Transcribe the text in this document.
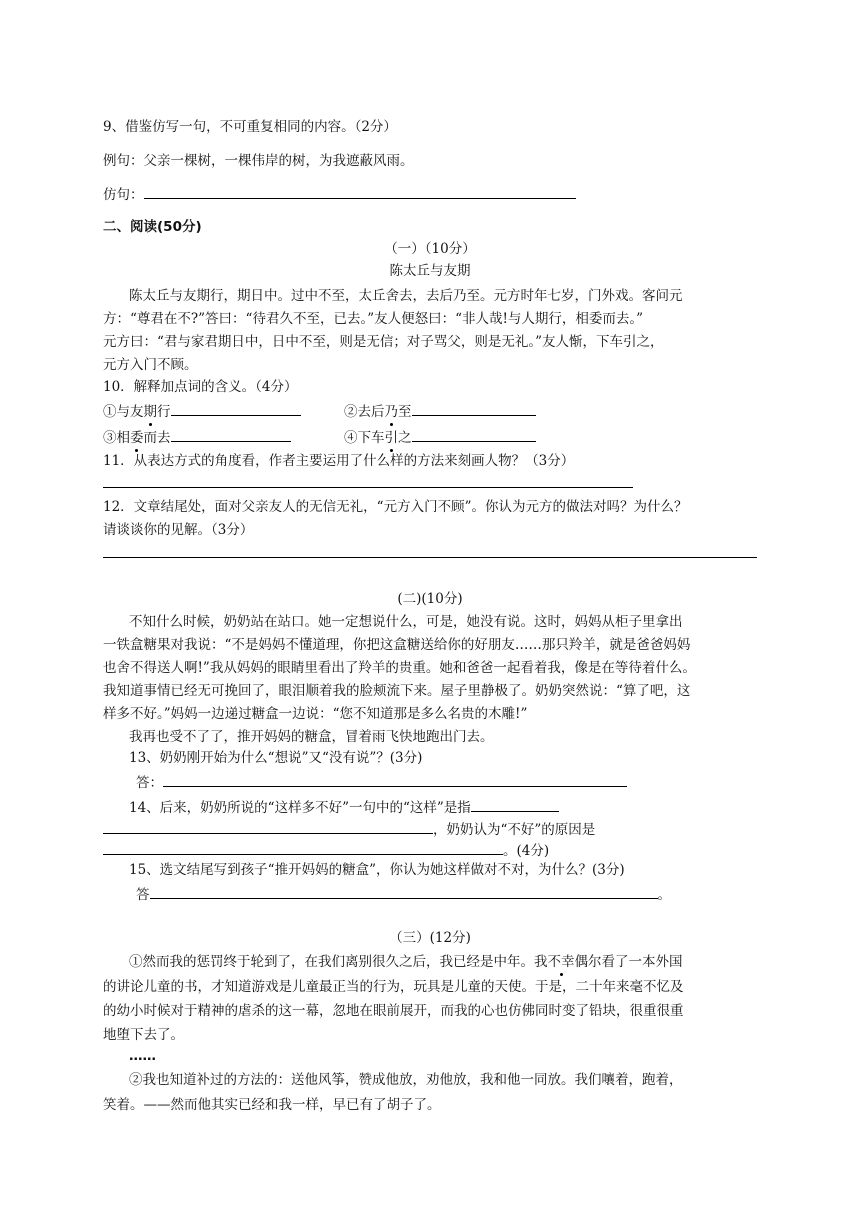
9、借鉴仿写一句，不可重复相同的内容。（2分）
例句：父亲一棵树，一棵伟岸的树，为我遮蔽风雨。
仿句：
二、阅读(50分)
（一）（10分）
陈太丘与友期
陈太丘与友期行，期日中。过中不至，太丘舍去，去后乃至。元方时年七岁，门外戏。客问元
方：“尊君在不?”答曰：“待君久不至，已去。”友人便怒曰：“非人哉!与人期行，相委而去。”
元方曰：“君与家君期日中，日中不至，则是无信；对子骂父，则是无礼。”友人惭，下车引之，
元方入门不顾。
10．解释加点词的含义。（4分）
①与友期行	②去后乃至
③相委而去	④下车引之
11．从表达方式的角度看，作者主要运用了什么样的方法来刻画人物？（3分）
12．文章结尾处，面对父亲友人的无信无礼，“元方入门不顾”。你认为元方的做法对吗？为什么？
请谈谈你的见解。（3分）
(二)(10分)
不知什么时候，奶奶站在站口。她一定想说什么，可是，她没有说。这时，妈妈从柜子里拿出
一铁盒糖果对我说：“不是妈妈不懂道理，你把这盒糖送给你的好朋友……那只羚羊，就是爸爸妈妈
也舍不得送人啊!”我从妈妈的眼睛里看出了羚羊的贵重。她和爸爸一起看着我，像是在等待着什么。
我知道事情已经无可挽回了，眼泪顺着我的脸颊流下来。屋子里静极了。奶奶突然说：“算了吧，这
样多不好。”妈妈一边递过糖盒一边说：“您不知道那是多么名贵的木雕!”
我再也受不了了，推开妈妈的糖盒，冒着雨飞快地跑出门去。
13、奶奶刚开始为什么“想说”又“没有说”？(3分)
答：
14、后来，奶奶所说的“这样多不好”一句中的“这样”是指
，奶奶认为“不好”的原因是
。(4分)
15、选文结尾写到孩子“推开妈妈的糖盒”，你认为她这样做对不对，为什么？(3分)
答	。
（三）(12分)
①然而我的惩罚终于轮到了，在我们离别很久之后，我已经是中年。我不幸偶尔看了一本外国
的讲论儿童的书，才知道游戏是儿童最正当的行为，玩具是儿童的天使。于是，二十年来毫不忆及
的幼小时候对于精神的虐杀的这一幕，忽地在眼前展开，而我的心也仿佛同时变了铅块，很重很重
地堕下去了。
……
②我也知道补过的方法的：送他风筝，赞成他放，劝他放，我和他一同放。我们嚷着，跑着，
笑着。——然而他其实已经和我一样，早已有了胡子了。
